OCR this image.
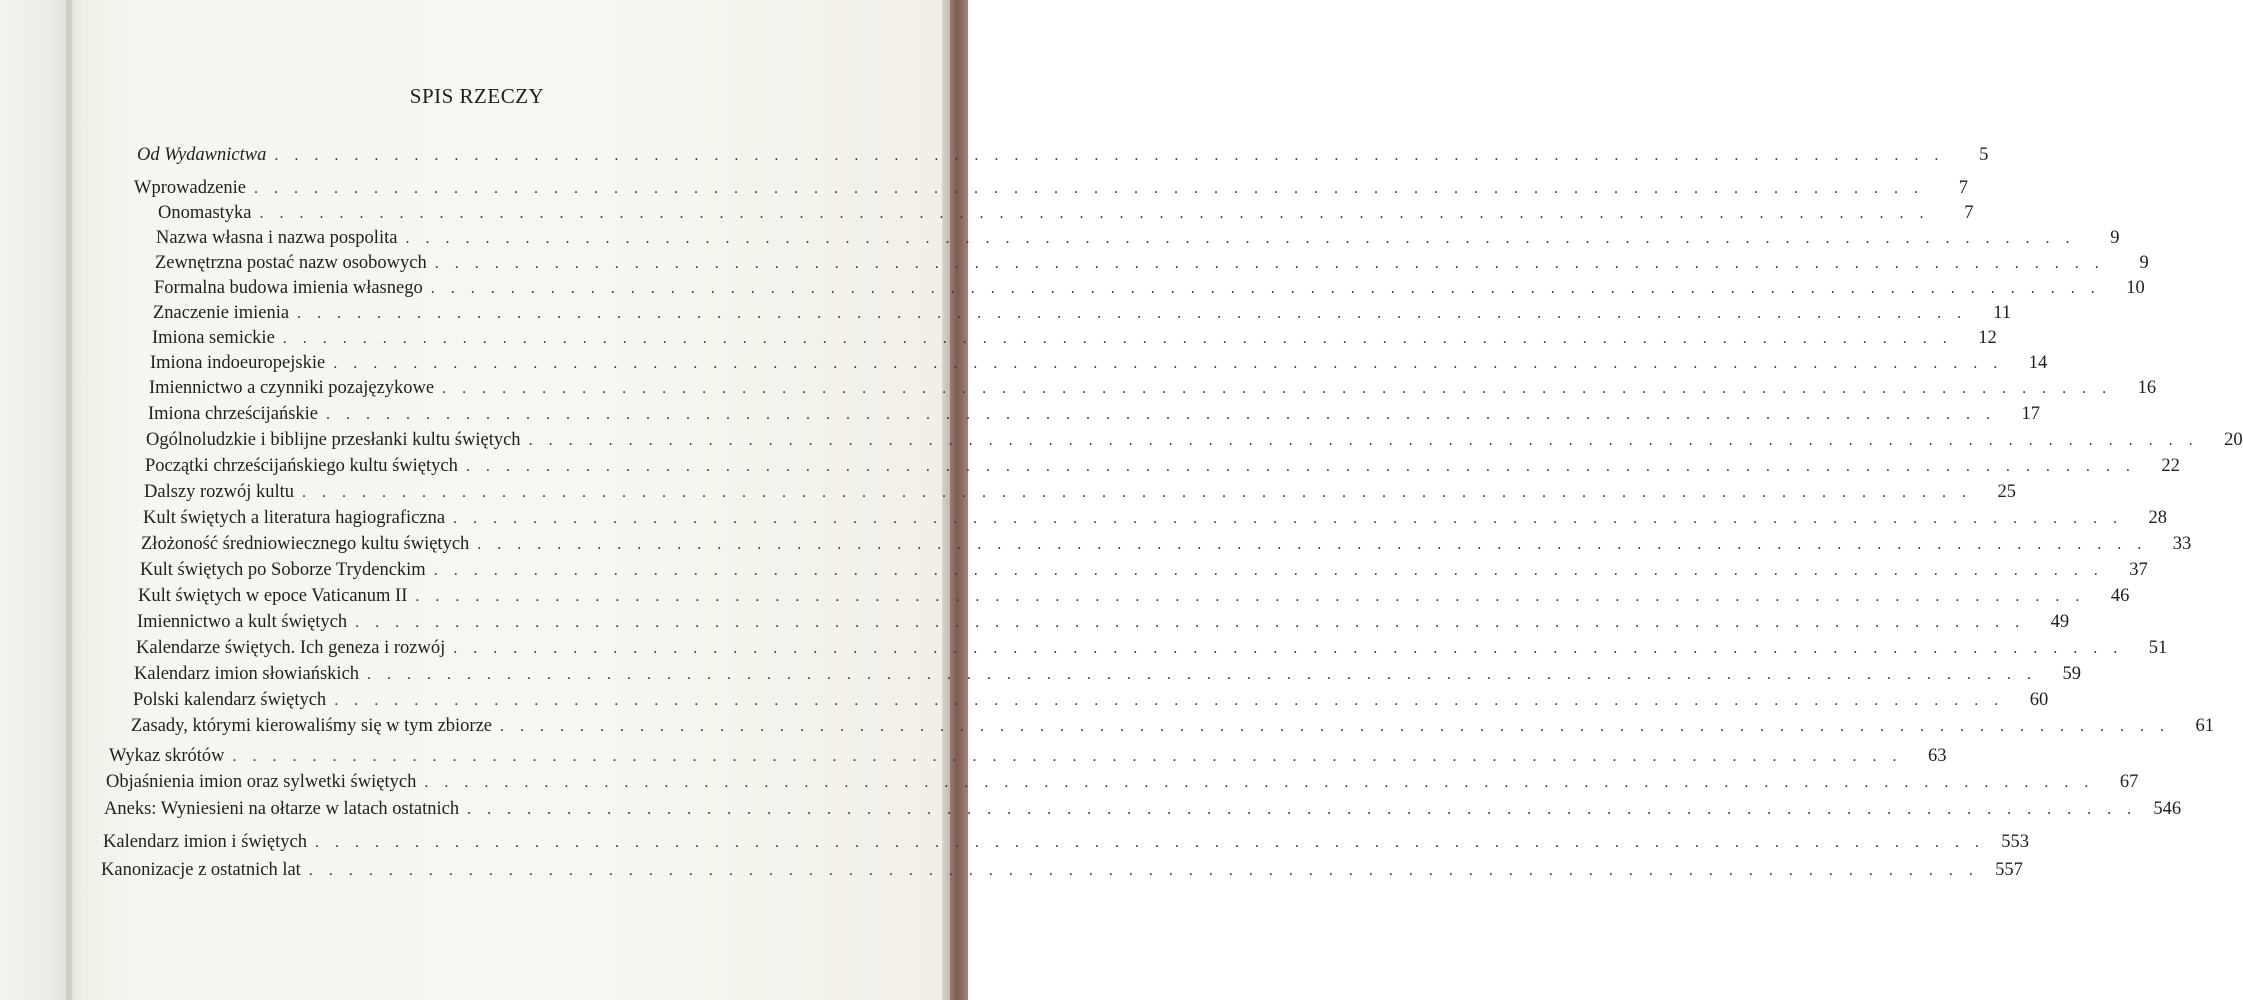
SPIS RZECZY
Od Wydawnictwa . . . . . . . . . . . . . . . . . . . . . . . . . . . . . . . . . . . . . . . . . . . . . . . . . . . . . . . . . . . . . . . . . . . . . . . . . . . . . . . . . . . .	5
Wprowadzenie . . . . . . . . . . . . . . . . . . . . . . . . . . . . . . . . . . . . . . . . . . . . . . . . . . . . . . . . . . . . . . . . . . . . . . . . . . . . . . . . . . . .	7
Onomastyka . . . . . . . . . . . . . . . . . . . . . . . . . . . . . . . . . . . . . . . . . . . . . . . . . . . . . . . . . . . . . . . . . . . . . . . . . . . . . . . . . . . .	7
Nazwa własna i nazwa pospolita . . . . . . . . . . . . . . . . . . . . . . . . . . . . . . . . . . . . . . . . . . . . . . . . . . . . . . . . . . . . . . . . . . . . . . . . . . . . . . . . . . . .	9
Zewnętrzna postać nazw osobowych . . . . . . . . . . . . . . . . . . . . . . . . . . . . . . . . . . . . . . . . . . . . . . . . . . . . . . . . . . . . . . . . . . . . . . . . . . . . . . . . . . . .	9
Formalna budowa imienia własnego . . . . . . . . . . . . . . . . . . . . . . . . . . . . . . . . . . . . . . . . . . . . . . . . . . . . . . . . . . . . . . . . . . . . . . . . . . . . . . . . . . . .	10
Znaczenie imienia . . . . . . . . . . . . . . . . . . . . . . . . . . . . . . . . . . . . . . . . . . . . . . . . . . . . . . . . . . . . . . . . . . . . . . . . . . . . . . . . . . . .	11
Imiona semickie . . . . . . . . . . . . . . . . . . . . . . . . . . . . . . . . . . . . . . . . . . . . . . . . . . . . . . . . . . . . . . . . . . . . . . . . . . . . . . . . . . . .	12
Imiona indoeuropejskie . . . . . . . . . . . . . . . . . . . . . . . . . . . . . . . . . . . . . . . . . . . . . . . . . . . . . . . . . . . . . . . . . . . . . . . . . . . . . . . . . . . .	14
Imiennictwo a czynniki pozajęzykowe . . . . . . . . . . . . . . . . . . . . . . . . . . . . . . . . . . . . . . . . . . . . . . . . . . . . . . . . . . . . . . . . . . . . . . . . . . . . . . . . . . . .	16
Imiona chrześcijańskie . . . . . . . . . . . . . . . . . . . . . . . . . . . . . . . . . . . . . . . . . . . . . . . . . . . . . . . . . . . . . . . . . . . . . . . . . . . . . . . . . . . .	17
Ogólnoludzkie i biblijne przesłanki kultu świętych . . . . . . . . . . . . . . . . . . . . . . . . . . . . . . . . . . . . . . . . . . . . . . . . . . . . . . . . . . . . . . . . . . . . . . . . . . . . . . . . . . . .	20
Początki chrześcijańskiego kultu świętych . . . . . . . . . . . . . . . . . . . . . . . . . . . . . . . . . . . . . . . . . . . . . . . . . . . . . . . . . . . . . . . . . . . . . . . . . . . . . . . . . . . .	22
Dalszy rozwój kultu . . . . . . . . . . . . . . . . . . . . . . . . . . . . . . . . . . . . . . . . . . . . . . . . . . . . . . . . . . . . . . . . . . . . . . . . . . . . . . . . . . . .	25
Kult świętych a literatura hagiograficzna . . . . . . . . . . . . . . . . . . . . . . . . . . . . . . . . . . . . . . . . . . . . . . . . . . . . . . . . . . . . . . . . . . . . . . . . . . . . . . . . . . . .	28
Złożoność średniowiecznego kultu świętych . . . . . . . . . . . . . . . . . . . . . . . . . . . . . . . . . . . . . . . . . . . . . . . . . . . . . . . . . . . . . . . . . . . . . . . . . . . . . . . . . . . .	33
Kult świętych po Soborze Trydenckim . . . . . . . . . . . . . . . . . . . . . . . . . . . . . . . . . . . . . . . . . . . . . . . . . . . . . . . . . . . . . . . . . . . . . . . . . . . . . . . . . . . .	37
Kult świętych w epoce Vaticanum II . . . . . . . . . . . . . . . . . . . . . . . . . . . . . . . . . . . . . . . . . . . . . . . . . . . . . . . . . . . . . . . . . . . . . . . . . . . . . . . . . . . .	46
Imiennictwo a kult świętych . . . . . . . . . . . . . . . . . . . . . . . . . . . . . . . . . . . . . . . . . . . . . . . . . . . . . . . . . . . . . . . . . . . . . . . . . . . . . . . . . . . .	49
Kalendarze świętych. Ich geneza i rozwój . . . . . . . . . . . . . . . . . . . . . . . . . . . . . . . . . . . . . . . . . . . . . . . . . . . . . . . . . . . . . . . . . . . . . . . . . . . . . . . . . . . .	51
Kalendarz imion słowiańskich . . . . . . . . . . . . . . . . . . . . . . . . . . . . . . . . . . . . . . . . . . . . . . . . . . . . . . . . . . . . . . . . . . . . . . . . . . . . . . . . . . . .	59
Polski kalendarz świętych . . . . . . . . . . . . . . . . . . . . . . . . . . . . . . . . . . . . . . . . . . . . . . . . . . . . . . . . . . . . . . . . . . . . . . . . . . . . . . . . . . . .	60
Zasady, którymi kierowaliśmy się w tym zbiorze . . . . . . . . . . . . . . . . . . . . . . . . . . . . . . . . . . . . . . . . . . . . . . . . . . . . . . . . . . . . . . . . . . . . . . . . . . . . . . . . . . . .	61
Wykaz skrótów . . . . . . . . . . . . . . . . . . . . . . . . . . . . . . . . . . . . . . . . . . . . . . . . . . . . . . . . . . . . . . . . . . . . . . . . . . . . . . . . . . . .	63
Objaśnienia imion oraz sylwetki świętych . . . . . . . . . . . . . . . . . . . . . . . . . . . . . . . . . . . . . . . . . . . . . . . . . . . . . . . . . . . . . . . . . . . . . . . . . . . . . . . . . . . .	67
Aneks: Wyniesieni na ołtarze w latach ostatnich . . . . . . . . . . . . . . . . . . . . . . . . . . . . . . . . . . . . . . . . . . . . . . . . . . . . . . . . . . . . . . . . . . . . . . . . . . . . . . . . . . . . 546
Kalendarz imion i świętych . . . . . . . . . . . . . . . . . . . . . . . . . . . . . . . . . . . . . . . . . . . . . . . . . . . . . . . . . . . . . . . . . . . . . . . . . . . . . . . . . . . . 553
Kanonizacje z ostatnich lat . . . . . . . . . . . . . . . . . . . . . . . . . . . . . . . . . . . . . . . . . . . . . . . . . . . . . . . . . . . . . . . . . . . . . . . . . . . . . . . . . . . . 557
